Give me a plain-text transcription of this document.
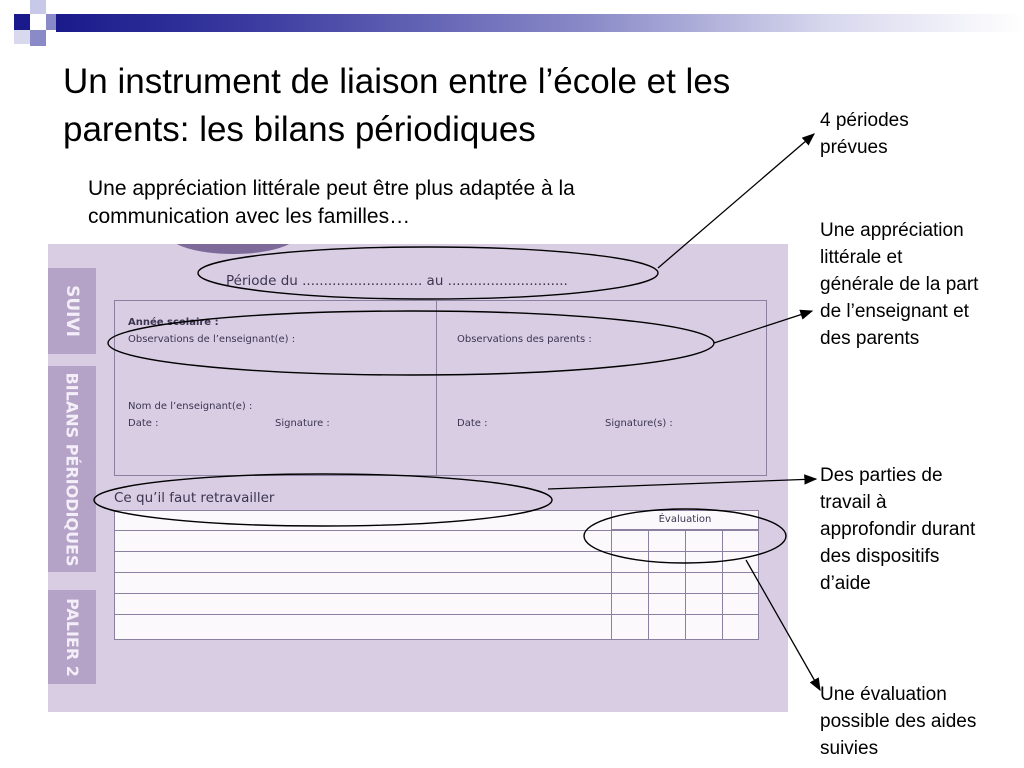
Un instrument de liaison entre l’école et les parents: les bilans périodiques
Une appréciation littérale peut être plus adaptée à la communication avec les familles…
SUIVI
BILANS PÉRIODIQUES
PALIER 2
Période du ............................ au ............................
Année scolaire :
Observations de l’enseignant(e) :	Observations des parents :
Nom de l’enseignant(e) :
Date :	Signature :	Date :	Signature(s) :
Ce qu’il faut retravailler
Évaluation
4 périodes prévues
Une appréciation littérale et générale de la part de l’enseignant et des parents
Des parties de travail à approfondir durant des dispositifs d’aide
Une évaluation possible des aides suivies
